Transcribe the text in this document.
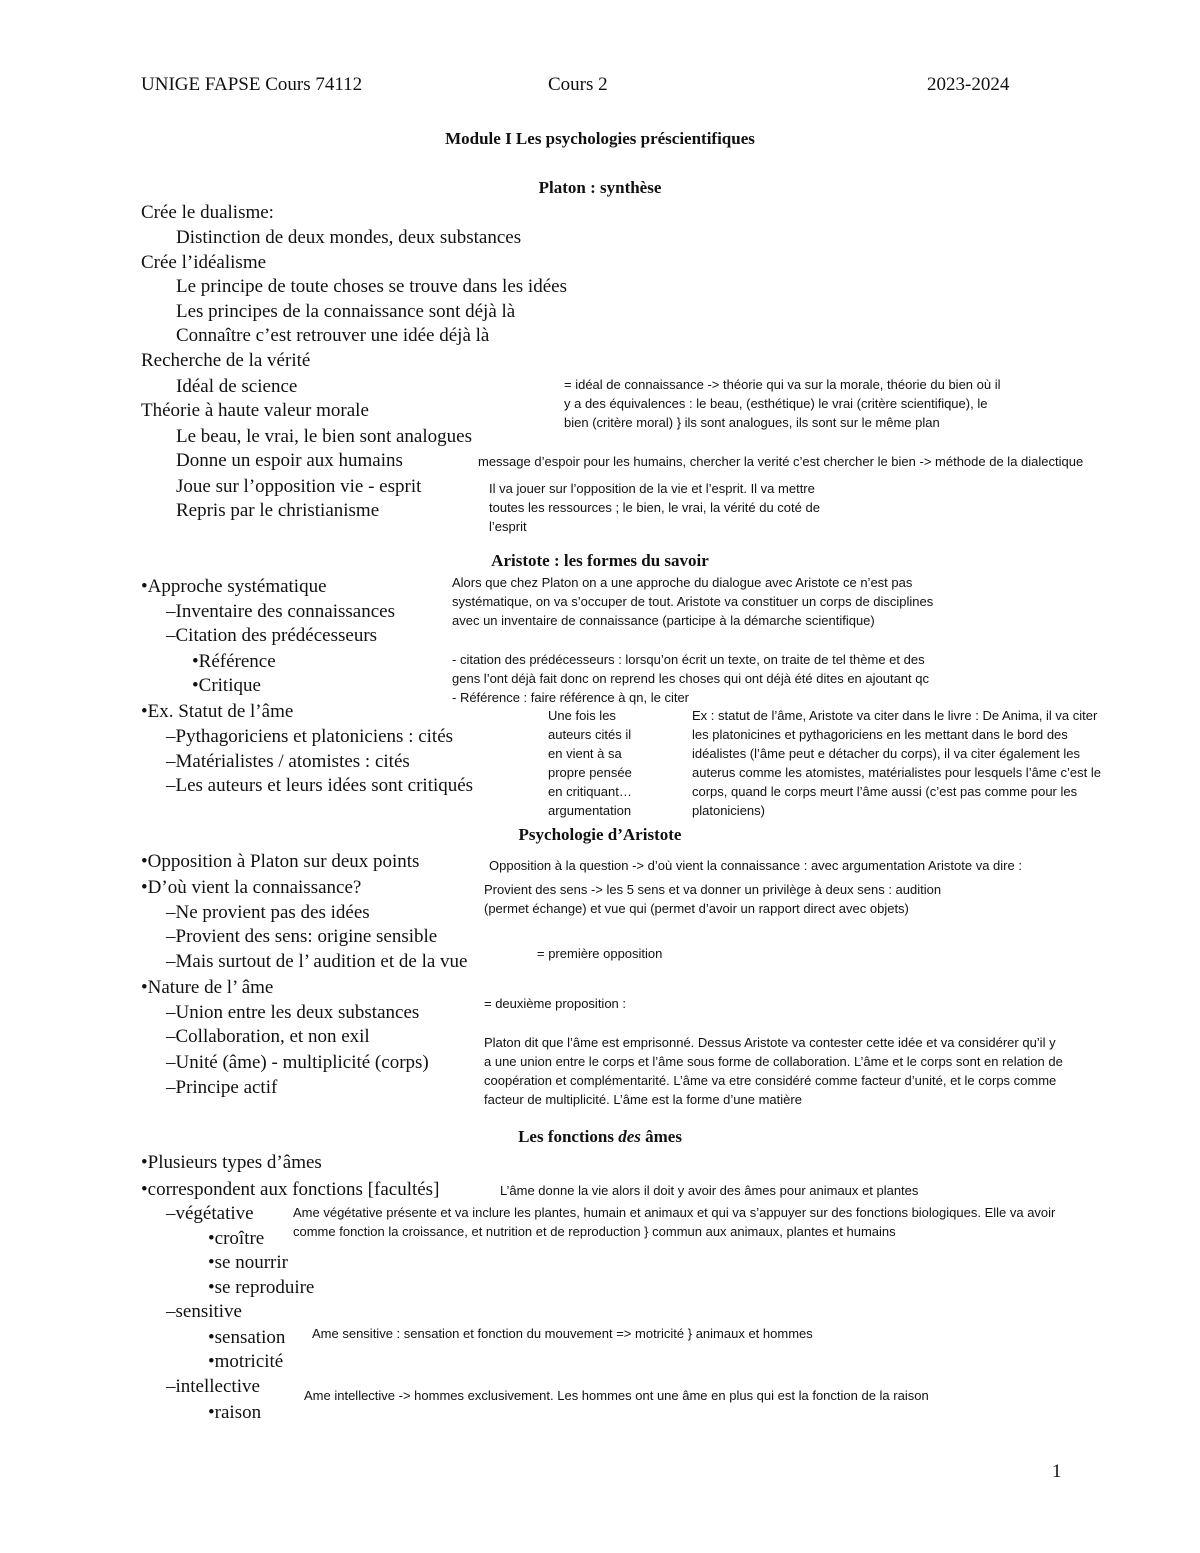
UNIGE FAPSE Cours 74112	Cours 2	2023-2024
Module I Les psychologies préscientifiques
Platon : synthèse
Crée le dualisme:
Distinction de deux mondes, deux substances
Crée l’idéalisme
Le principe de toute choses se trouve dans les idées
Les principes de la connaissance sont déjà là
Connaître c’est retrouver une idée déjà là
Recherche de la vérité
Idéal de science
Théorie à haute valeur morale
Le beau, le vrai, le bien sont analogues
Donne un espoir aux humains
Joue sur l’opposition vie - esprit
Repris par le christianisme

= idéal de connaissance -> théorie qui va sur la morale, théorie du bien où il

y a des équivalences : le beau, (esthétique) le vrai (critère scientifique), le

bien (critère moral) } ils sont analogues, ils sont sur le même plan

message d’espoir pour les humains, chercher la verité c’est chercher le bien -> méthode de la dialectique

Il va jouer sur l’opposition de la vie et l’esprit. Il va mettre

toutes les ressources ; le bien, le vrai, la vérité du coté de

l’esprit

Aristote : les formes du savoir
•Approche systématique
–Inventaire des connaissances
–Citation des prédécesseurs
•Référence
•Critique
•Ex. Statut de l’âme
–Pythagoriciens et platoniciens : cités
–Matérialistes / atomistes : cités
–Les auteurs et leurs idées sont critiqués

Alors que chez Platon on a une approche du dialogue avec Aristote ce n’est pas

systématique, on va s’occuper de tout. Aristote va constituer un corps de disciplines

avec un inventaire de connaissance (participe à la démarche scientifique)

- citation des prédécesseurs : lorsqu’on écrit un texte, on traite de tel thème et des

gens l’ont déjà fait donc on reprend les choses qui ont déjà été dites en ajoutant qc

- Référence : faire référence à qn, le citer

Une fois les

auteurs cités il

en vient à sa

propre pensée

en critiquant…

argumentation

Ex : statut de l’âme, Aristote va citer dans le livre : De Anima, il va citer

les platonicines et pythagoriciens en les mettant dans le bord des

idéalistes (l’âme peut e détacher du corps), il va citer également les

auterus comme les atomistes, matérialistes pour lesquels l’âme c’est le

corps, quand le corps meurt l’âme aussi (c’est pas comme pour les

platoniciens)

Psychologie d’Aristote
•Opposition à Platon sur deux points
•D’où vient la connaissance?
–Ne provient pas des idées
–Provient des sens: origine sensible
–Mais surtout de l’ audition et de la vue
•Nature de l’ âme
–Union entre les deux substances
–Collaboration, et non exil
–Unité (âme) - multiplicité (corps)
–Principe actif

Opposition à la question -> d’où vient la connaissance : avec argumentation Aristote va dire :

Provient des sens -> les 5 sens et va donner un privilège à deux sens : audition

(permet échange) et vue qui (permet d’avoir un rapport direct avec objets)

= première opposition

= deuxième proposition :

Platon dit que l’âme est emprisonné. Dessus Aristote va contester cette idée et va considérer qu’il y

a une union entre le corps et l’âme sous forme de collaboration. L’âme et le corps sont en relation de

coopération et complémentarité. L’âme va etre considéré comme facteur d’unité, et le corps comme

facteur de multiplicité. L’âme est la forme d’une matière

Les fonctions des âmes
•Plusieurs types d’âmes
•correspondent aux fonctions [facultés]
–végétative
•croître
•se nourrir
•se reproduire
–sensitive
•sensation
•motricité
–intellective
•raison

L’âme donne la vie alors il doit y avoir des âmes pour animaux et plantes

Ame végétative présente et va inclure les plantes, humain et animaux et qui va s’appuyer sur des fonctions biologiques. Elle va avoir

comme fonction la croissance, et nutrition et de reproduction } commun aux animaux, plantes et humains

Ame sensitive : sensation et fonction du mouvement => motricité } animaux et hommes

Ame intellective -> hommes exclusivement. Les hommes ont une âme en plus qui est la fonction de la raison

1
